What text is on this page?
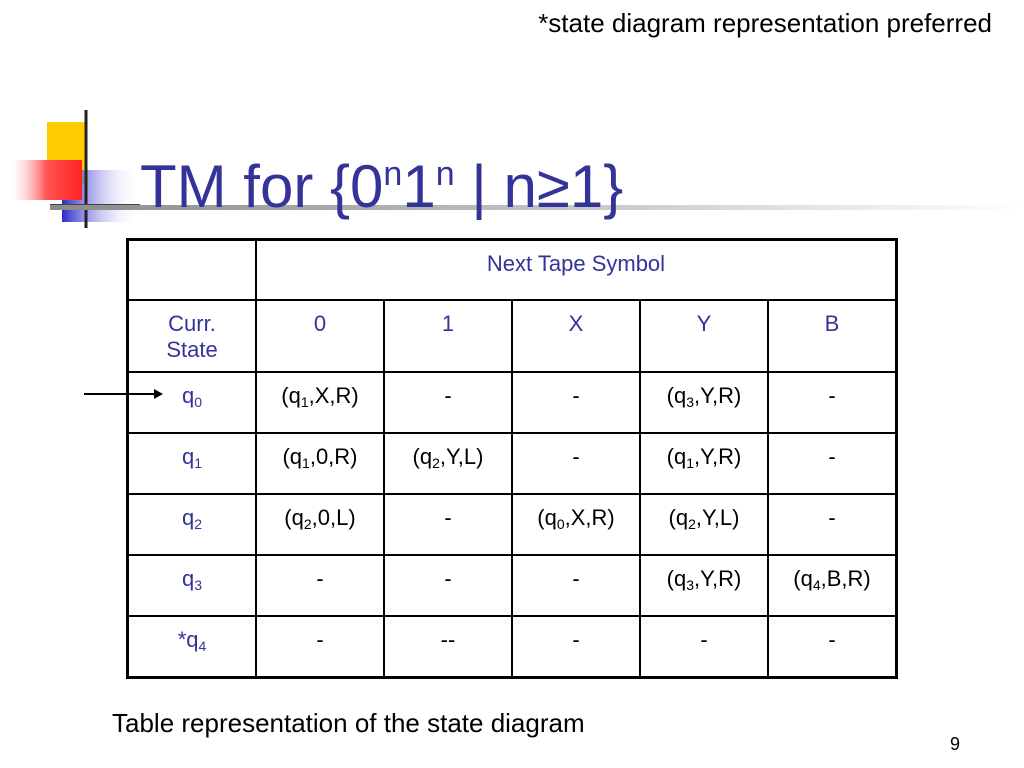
*state diagram representation preferred
TM for {0$^n$1$^n$ | n≥1}
	Next Tape Symbol				
Curr.
State	0	1	X	Y	B
$q_0$	$(q_1,X,R)$	-	-	$(q_3,Y,R)$	-
$q_1$	$(q_1,0,R)$	$(q_2,Y,L)$	-	$(q_1,Y,R)$	-
$q_2$	$(q_2,0,L)$	-	$(q_0,X,R)$	$(q_2,Y,L)$	-
$q_3$	-	-	-	$(q_3,Y,R)$	$(q_4,B,R)$
$*q_4$	-	--	-	-	-
Table representation of the state diagram
9
